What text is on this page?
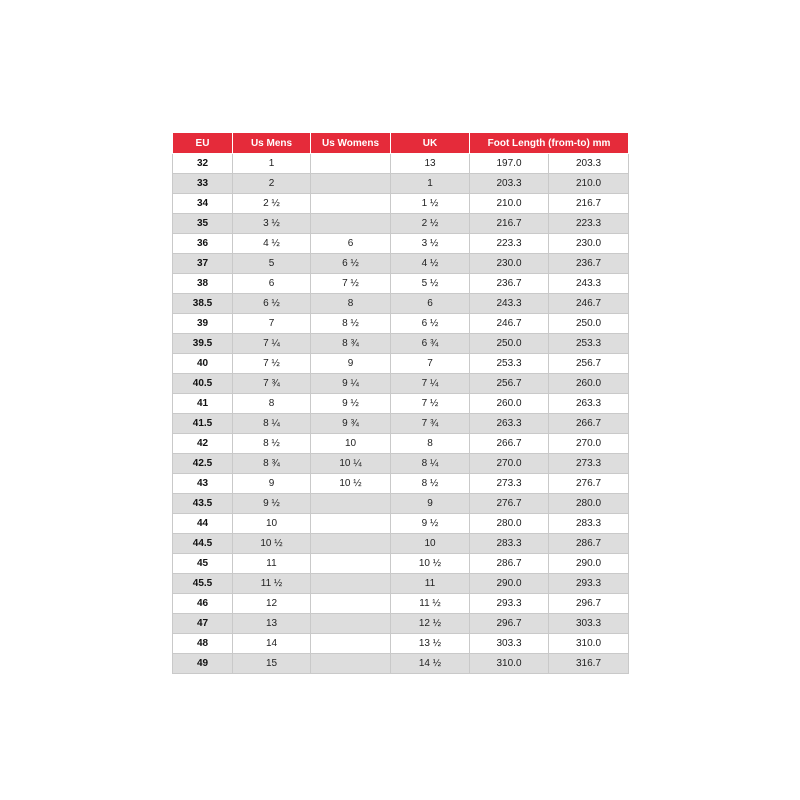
EU	Us Mens	Us Womens	UK	Foot Length (from-to) mm	
32	1		13	197.0	203.3
33	2		1	203.3	210.0
34	2 ½		1 ½	210.0	216.7
35	3 ½		2 ½	216.7	223.3
36	4 ½	6	3 ½	223.3	230.0
37	5	6 ½	4 ½	230.0	236.7
38	6	7 ½	5 ½	236.7	243.3
38.5	6 ½	8	6	243.3	246.7
39	7	8 ½	6 ½	246.7	250.0
39.5	7 ¼	8 ¾	6 ¾	250.0	253.3
40	7 ½	9	7	253.3	256.7
40.5	7 ¾	9 ¼	7 ¼	256.7	260.0
41	8	9 ½	7 ½	260.0	263.3
41.5	8 ¼	9 ¾	7 ¾	263.3	266.7
42	8 ½	10	8	266.7	270.0
42.5	8 ¾	10 ¼	8 ¼	270.0	273.3
43	9	10 ½	8 ½	273.3	276.7
43.5	9 ½		9	276.7	280.0
44	10		9 ½	280.0	283.3
44.5	10 ½		10	283.3	286.7
45	11		10 ½	286.7	290.0
45.5	11 ½		11	290.0	293.3
46	12		11 ½	293.3	296.7
47	13		12 ½	296.7	303.3
48	14		13 ½	303.3	310.0
49	15		14 ½	310.0	316.7
